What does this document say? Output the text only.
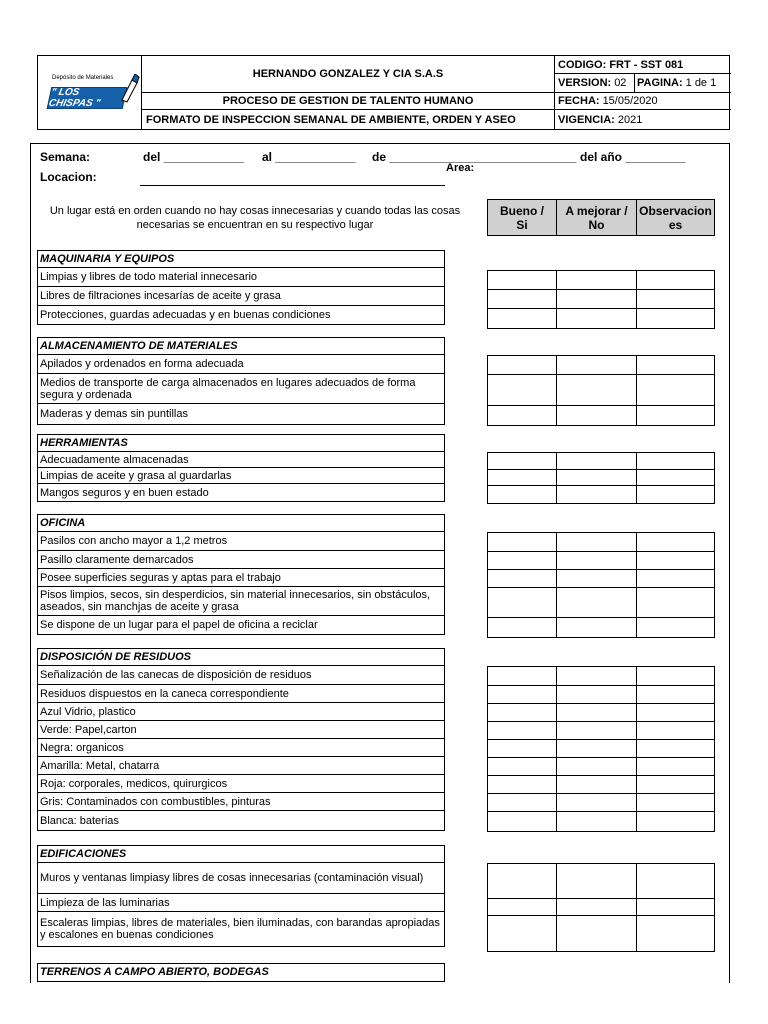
Depósito de Materiales
" LOS CHISPAS "
HERNANDO GONZALEZ Y CIA S.A.S
PROCESO DE GESTION DE TALENTO HUMANO
FORMATO DE INSPECCION SEMANAL DE AMBIENTE, ORDEN Y ASEO
CODIGO: FRT - SST 081
VERSION: 02 PAGINA: 1 de 1
FECHA: 15/05/2020
VIGENCIA: 2021
Semana:	del ____________ al ____________ de ____________________________ del año _________
Locacion:
Area:
Un lugar está en orden cuando no hay cosas innecesarias y cuando todas las cosas necesarias se encuentran en su respectivo lugar
Bueno / Si
A mejorar / No
Observaciones
MAQUINARIA Y EQUIPOS
Limpias y libres de todo material innecesario
Libres de filtraciones incesarías de aceite y grasa
Protecciones, guardas adecuadas y en buenas condiciones
ALMACENAMIENTO DE MATERIALES
Apilados y ordenados en forma adecuada
Medios de transporte de carga almacenados en lugares adecuados de forma segura y ordenada
Maderas y demas sin puntillas
HERRAMIENTAS
Adecuadamente almacenadas
Limpias de aceite y grasa al guardarlas
Mangos seguros y en buen estado
OFICINA
Pasilos con ancho mayor a 1,2 metros
Pasillo claramente demarcados
Posee superficies seguras y aptas para el trabajo
Pisos limpios, secos, sin desperdicios, sin material innecesarios, sin obstáculos, aseados, sin manchjas de aceite y grasa
Se dispone de un lugar para el papel de oficina a reciclar
DISPOSICIÓN DE RESIDUOS
Señalización de las canecas de disposición de residuos
Residuos dispuestos en la caneca correspondiente
Azul Vidrio, plastico
Verde: Papel,carton
Negra: organicos
Amarilla: Metal, chatarra
Roja: corporales, medicos, quirurgicos
Gris: Contaminados con combustibles, pinturas
Blanca: baterias
EDIFICACIONES
Muros y ventanas limpiasy libres de cosas innecesarias (contaminación visual)
Limpieza de las luminarias
Escaleras limpias, libres de materiales, bien iluminadas, con barandas apropiadas y escalones en buenas condiciones
TERRENOS A CAMPO ABIERTO, BODEGAS
